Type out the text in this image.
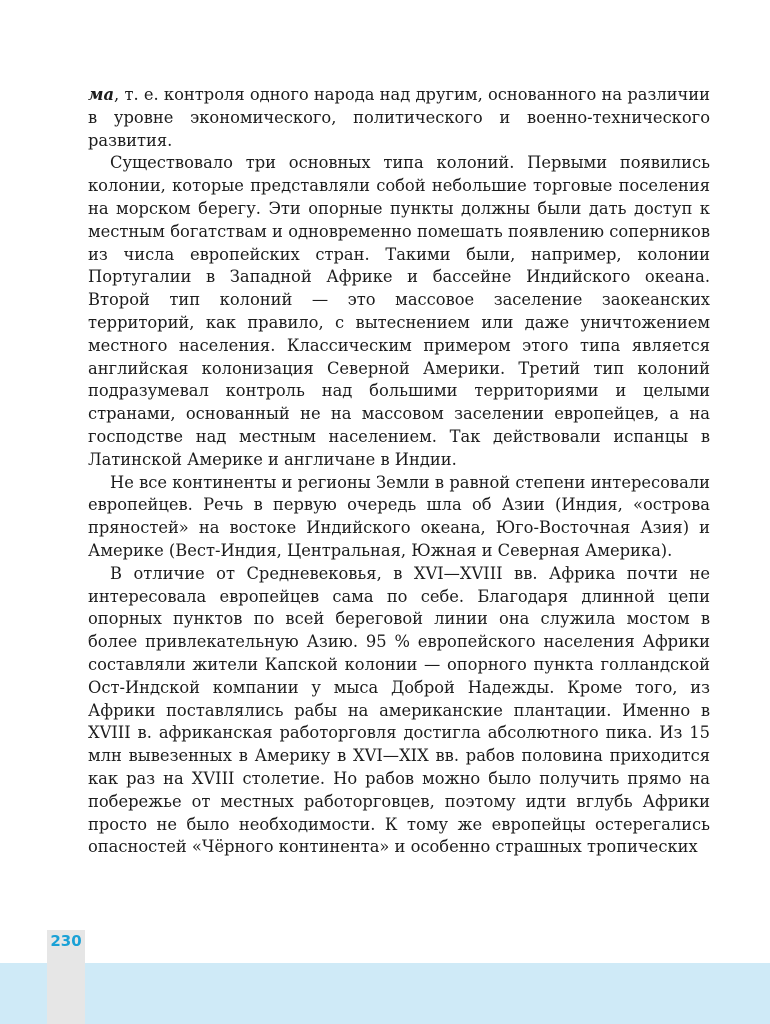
230

ма, т. е. контроля одного народа над другим, основанного на различии в уровне экономического, политического и военно-технического развития.

Существовало три основных типа колоний. Первыми появились колонии, которые представляли собой небольшие торговые поселения на морском берегу. Эти опорные пункты должны были дать доступ к местным богатствам и одновременно помешать появлению соперников из числа европейских стран. Такими были, например, колонии Португалии в Западной Африке и бассейне Индийского океана. Второй тип колоний — это массовое заселение заокеанских территорий, как правило, с вытеснением или даже уничтожением местного населения. Классическим примером этого типа является английская колонизация Северной Америки. Третий тип колоний подразумевал контроль над большими территориями и целыми странами, основанный не на массовом заселении европейцев, а на господстве над местным населением. Так действовали испанцы в Латинской Америке и англичане в Индии.

Не все континенты и регионы Земли в равной степени интересовали европейцев. Речь в первую очередь шла об Азии (Индия, «острова пряностей» на востоке Индийского океана, Юго-Восточная Азия) и Америке (Вест-Индия, Центральная, Южная и Северная Америка).

В отличие от Средневековья, в XVI—XVIII вв. Африка почти не интересовала европейцев сама по себе. Благодаря длинной цепи опорных пунктов по всей береговой линии она служила мостом в более привлекательную Азию. 95 % европейского населения Африки составляли жители Капской колонии — опорного пункта голландской Ост-Индской компании у мыса Доброй Надежды. Кроме того, из Африки поставлялись рабы на американские плантации. Именно в XVIII в. африканская работорговля достигла абсолютного пика. Из 15 млн вывезенных в Америку в XVI—XIX вв. рабов половина приходится как раз на XVIII столетие. Но рабов можно было получить прямо на побережье от местных работорговцев, поэтому идти вглубь Африки просто не было необходимости. К тому же европейцы остерегались опасностей «Чёрного континента» и особенно страшных тропических
